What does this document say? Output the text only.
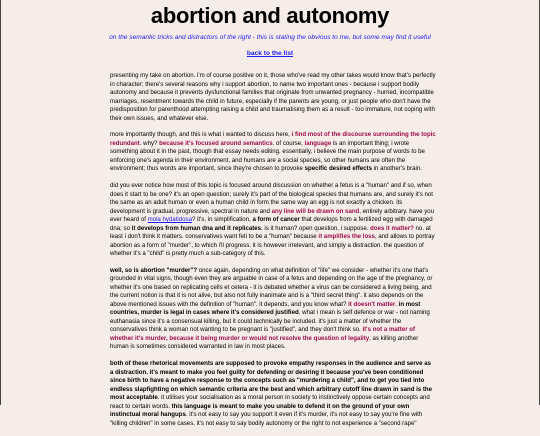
abortion and autonomy

on the semantic tricks and distractors of the right - this is stating the obvious to me, but some may find it useful

back to the list

presenting my take on abortion. i'm of course positive on it, those who've read my other takes would know that's perfectly in character; there's several reasons why i support abortion, to name two important ones - because i support bodily autonomy and because it prevents dysfunctional families that originate from unwanted pregnancy - hurried, incompatible marriages, resentment towards the child in future, especially if the parents are young, or just people who don't have the predisposition for parenthood attempting raising a child and traumatising them as a result - too immature, not coping with their own issues, and whatever else.

more importantly though, and this is what i wanted to discuss here, i find most of the discourse surrounding the topic redundant. why? because it's focused around semantics. of course, language is an important thing; i wrote something about it in the past, though that essay needs editing. essentially, i believe the main purpose of words to be enforcing one's agenda in their environment, and humans are a social species, so other humans are often the environment; thus words are important, since they're chosen to provoke specific desired effects in another's brain.

did you ever notice how most of this topic is focused around discussion on whether a fetus is a "human" and if so, when does it start to be one? it's an open question; surely it's part of the biological species that humans are, and surely it's not the same as an adult human or even a human child in form the same way an egg is not exactly a chicken. its development is gradual, progressive, spectral in nature and any line will be drawn on sand, entirely arbitrary. have you ever heard of mola hydatidosa? it's, in simplification, a form of cancer that develops from a fertilized egg with damaged dna; so it develops from human dna and it replicates. is it human? open question, i suppose. does it matter? no. at least i don't think it matters. conservatives want feti to be a "human" because it amplifies the loss, and allows to portray abortion as a form of "murder", to which i'll progress. it is however irrelevant, and simply a distraction. the question of whether it's a "child" is pretty much a sub-category of this.

well, so is abortion "murder"? once again, depending on what definition of "life" we consider - whether it's one that's grounded in vital signs, though even they are arguable in case of a fetus and depending on the age of the pregnancy, or whether it's one based on replicating cells et cetera - it is debated whether a virus can be considered a living being, and the current notion is that it is not alive, but also not fully inanimate and is a "third secret thing". it also depends on the above mentioned issues with the definition of "human". it depends, and you know what? it doesn't matter. in most countries, murder is legal in cases where it's considered justified. what i mean is self defence or war - not naming euthanasia since it's a consensual killing, but it could technically be included. it's just a matter of whether the conservatives think a woman not wanting to be pregnant is "justified", and they don't think so. it's not a matter of whether it's murder, because it being murder or would not resolve the question of legality, as killing another human is sometimes considered warranted in law in most places.

both of these rhetorical movements are supposed to provoke empathy responses in the audience and serve as a distraction. it's meant to make you feel guilty for defending or desiring it because you've been conditioned since birth to have a negative response to the concepts such as "murdering a child", and to get you tied into endless slapfighting on which semantic criteria are the best and which arbitrary cutoff line drawn in sand is the most acceptable. it utilises your socialisation as a moral person in society to instinctively oppose certain concepts and react to certain words. this language is meant to make you unable to defend it on the ground of your own instinctual moral hangups. it's not easy to say you support it even if it's murder, it's not easy to say you're fine with "killing children" in some cases, it's not easy to say bodily autonomy or the right to not experience a "second rape"
